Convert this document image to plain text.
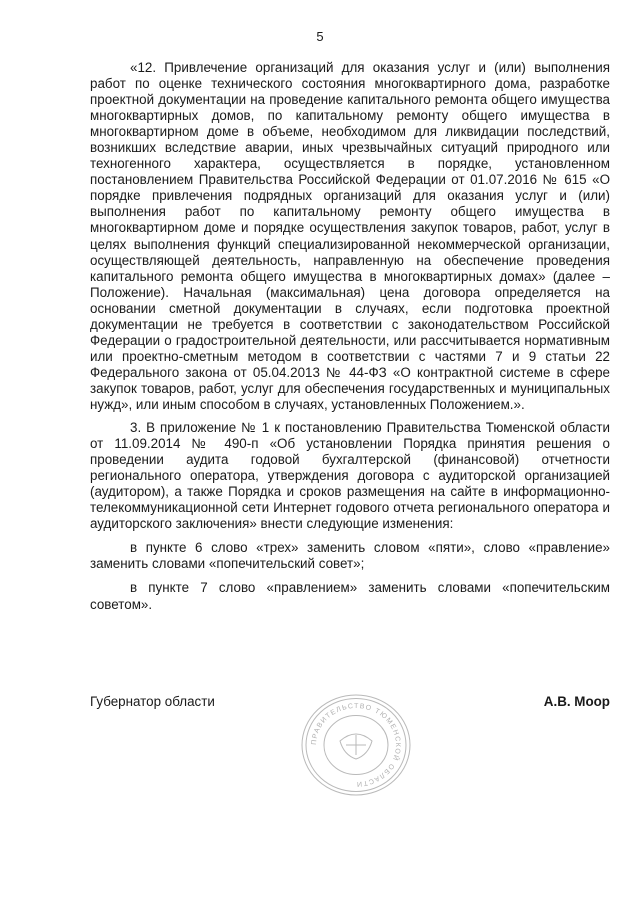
5

«12. Привлечение организаций для оказания услуг и (или) выполнения работ по оценке технического состояния многоквартирного дома, разработке проектной документации на проведение капитального ремонта общего имущества многоквартирных домов, по капитальному ремонту общего имущества в многоквартирном доме в объеме, необходимом для ликвидации последствий, возникших вследствие аварии, иных чрезвычайных ситуаций природного или техногенного характера, осуществляется в порядке, установленном постановлением Правительства Российской Федерации от 01.07.2016 № 615 «О порядке привлечения подрядных организаций для оказания услуг и (или) выполнения работ по капитальному ремонту общего имущества в многоквартирном доме и порядке осуществления закупок товаров, работ, услуг в целях выполнения функций специализированной некоммерческой организации, осуществляющей деятельность, направленную на обеспечение проведения капитального ремонта общего имущества в многоквартирных домах» (далее – Положение). Начальная (максимальная) цена договора определяется на основании сметной документации в случаях, если подготовка проектной документации не требуется в соответствии с законодательством Российской Федерации о градостроительной деятельности, или рассчитывается нормативным или проектно-сметным методом в соответствии с частями 7 и 9 статьи 22 Федерального закона от 05.04.2013 № 44-ФЗ «О контрактной системе в сфере закупок товаров, работ, услуг для обеспечения государственных и муниципальных нужд», или иным способом в случаях, установленных Положением.».

3. В приложение № 1 к постановлению Правительства Тюменской области от 11.09.2014 № 490-п «Об установлении Порядка принятия решения о проведении аудита годовой бухгалтерской (финансовой) отчетности регионального оператора, утверждения договора с аудиторской организацией (аудитором), а также Порядка и сроков размещения на сайте в информационно-телекоммуникационной сети Интернет годового отчета регионального оператора и аудиторского заключения» внести следующие изменения:

в пункте 6 слово «трех» заменить словом «пяти», слово «правление» заменить словами «попечительский совет»;

в пункте 7 слово «правлением» заменить словами «попечительским советом».

Губернатор области	А.В. Моор
ПРАВИТЕЛЬСТВО ТЮМЕНСКОЙ ОБЛАСТИ
